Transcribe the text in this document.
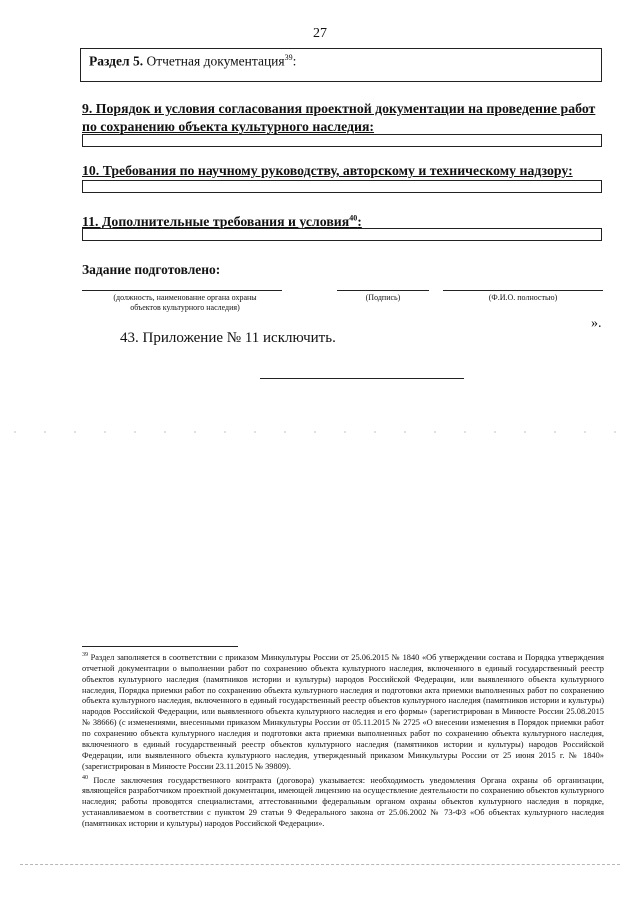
27
Раздел 5. Отчетная документация$^{39}$:
9. Порядок и условия согласования проектной документации на проведение работ по сохранению объекта культурного наследия:
10. Требования по научному руководству, авторскому и техническому надзору:
11. Дополнительные требования и условия$^{40}$:
Задание подготовлено:
(должность, наименование органа охраны объектов культурного наследия)
(Подпись)	(Ф.И.О. полностью)
».
43. Приложение № 11 исключить.

$^{39}$ Раздел заполняется в соответствии с приказом Минкультуры России от 25.06.2015 № 1840 «Об утверждении состава и Порядка утверждения отчетной документации о выполнении работ по сохранению объекта культурного наследия, включенного в единый государственный реестр объектов культурного наследия (памятников истории и культуры) народов Российской Федерации, или выявленного объекта культурного наследия, Порядка приемки работ по сохранению объекта культурного наследия и подготовки акта приемки выполненных работ по сохранению объекта культурного наследия, включенного в единый государственный реестр объектов культурного наследия (памятников истории и культуры) народов Российской Федерации, или выявленного объекта культурного наследия и его формы» (зарегистрирован в Минюсте России 25.08.2015 № 38666) (с изменениями, внесенными приказом Минкультуры России от 05.11.2015 № 2725 «О внесении изменения в Порядок приемки работ по сохранению объекта культурного наследия и подготовки акта приемки выполненных работ по сохранению объекта культурного наследия, включенного в единый государственный реестр объектов культурного наследия (памятников истории и культуры) народов Российской Федерации, или выявленного объекта культурного наследия, утвержденный приказом Минкультуры России от 25 июня 2015 г. № 1840» (зарегистрирован в Минюсте России 23.11.2015 № 39809).

$^{40}$ После заключения государственного контракта (договора) указывается: необходимость уведомления Органа охраны об организации, являющейся разработчиком проектной документации, имеющей лицензию на осуществление деятельности по сохранению объектов культурного наследия; работы проводятся специалистами, аттестованными федеральным органом охраны объектов культурного наследия в порядке, устанавливаемом в соответствии с пунктом 29 статьи 9 Федерального закона от 25.06.2002 № 73-ФЗ «Об объектах культурного наследия (памятниках истории и культуры) народов Российской Федерации».
